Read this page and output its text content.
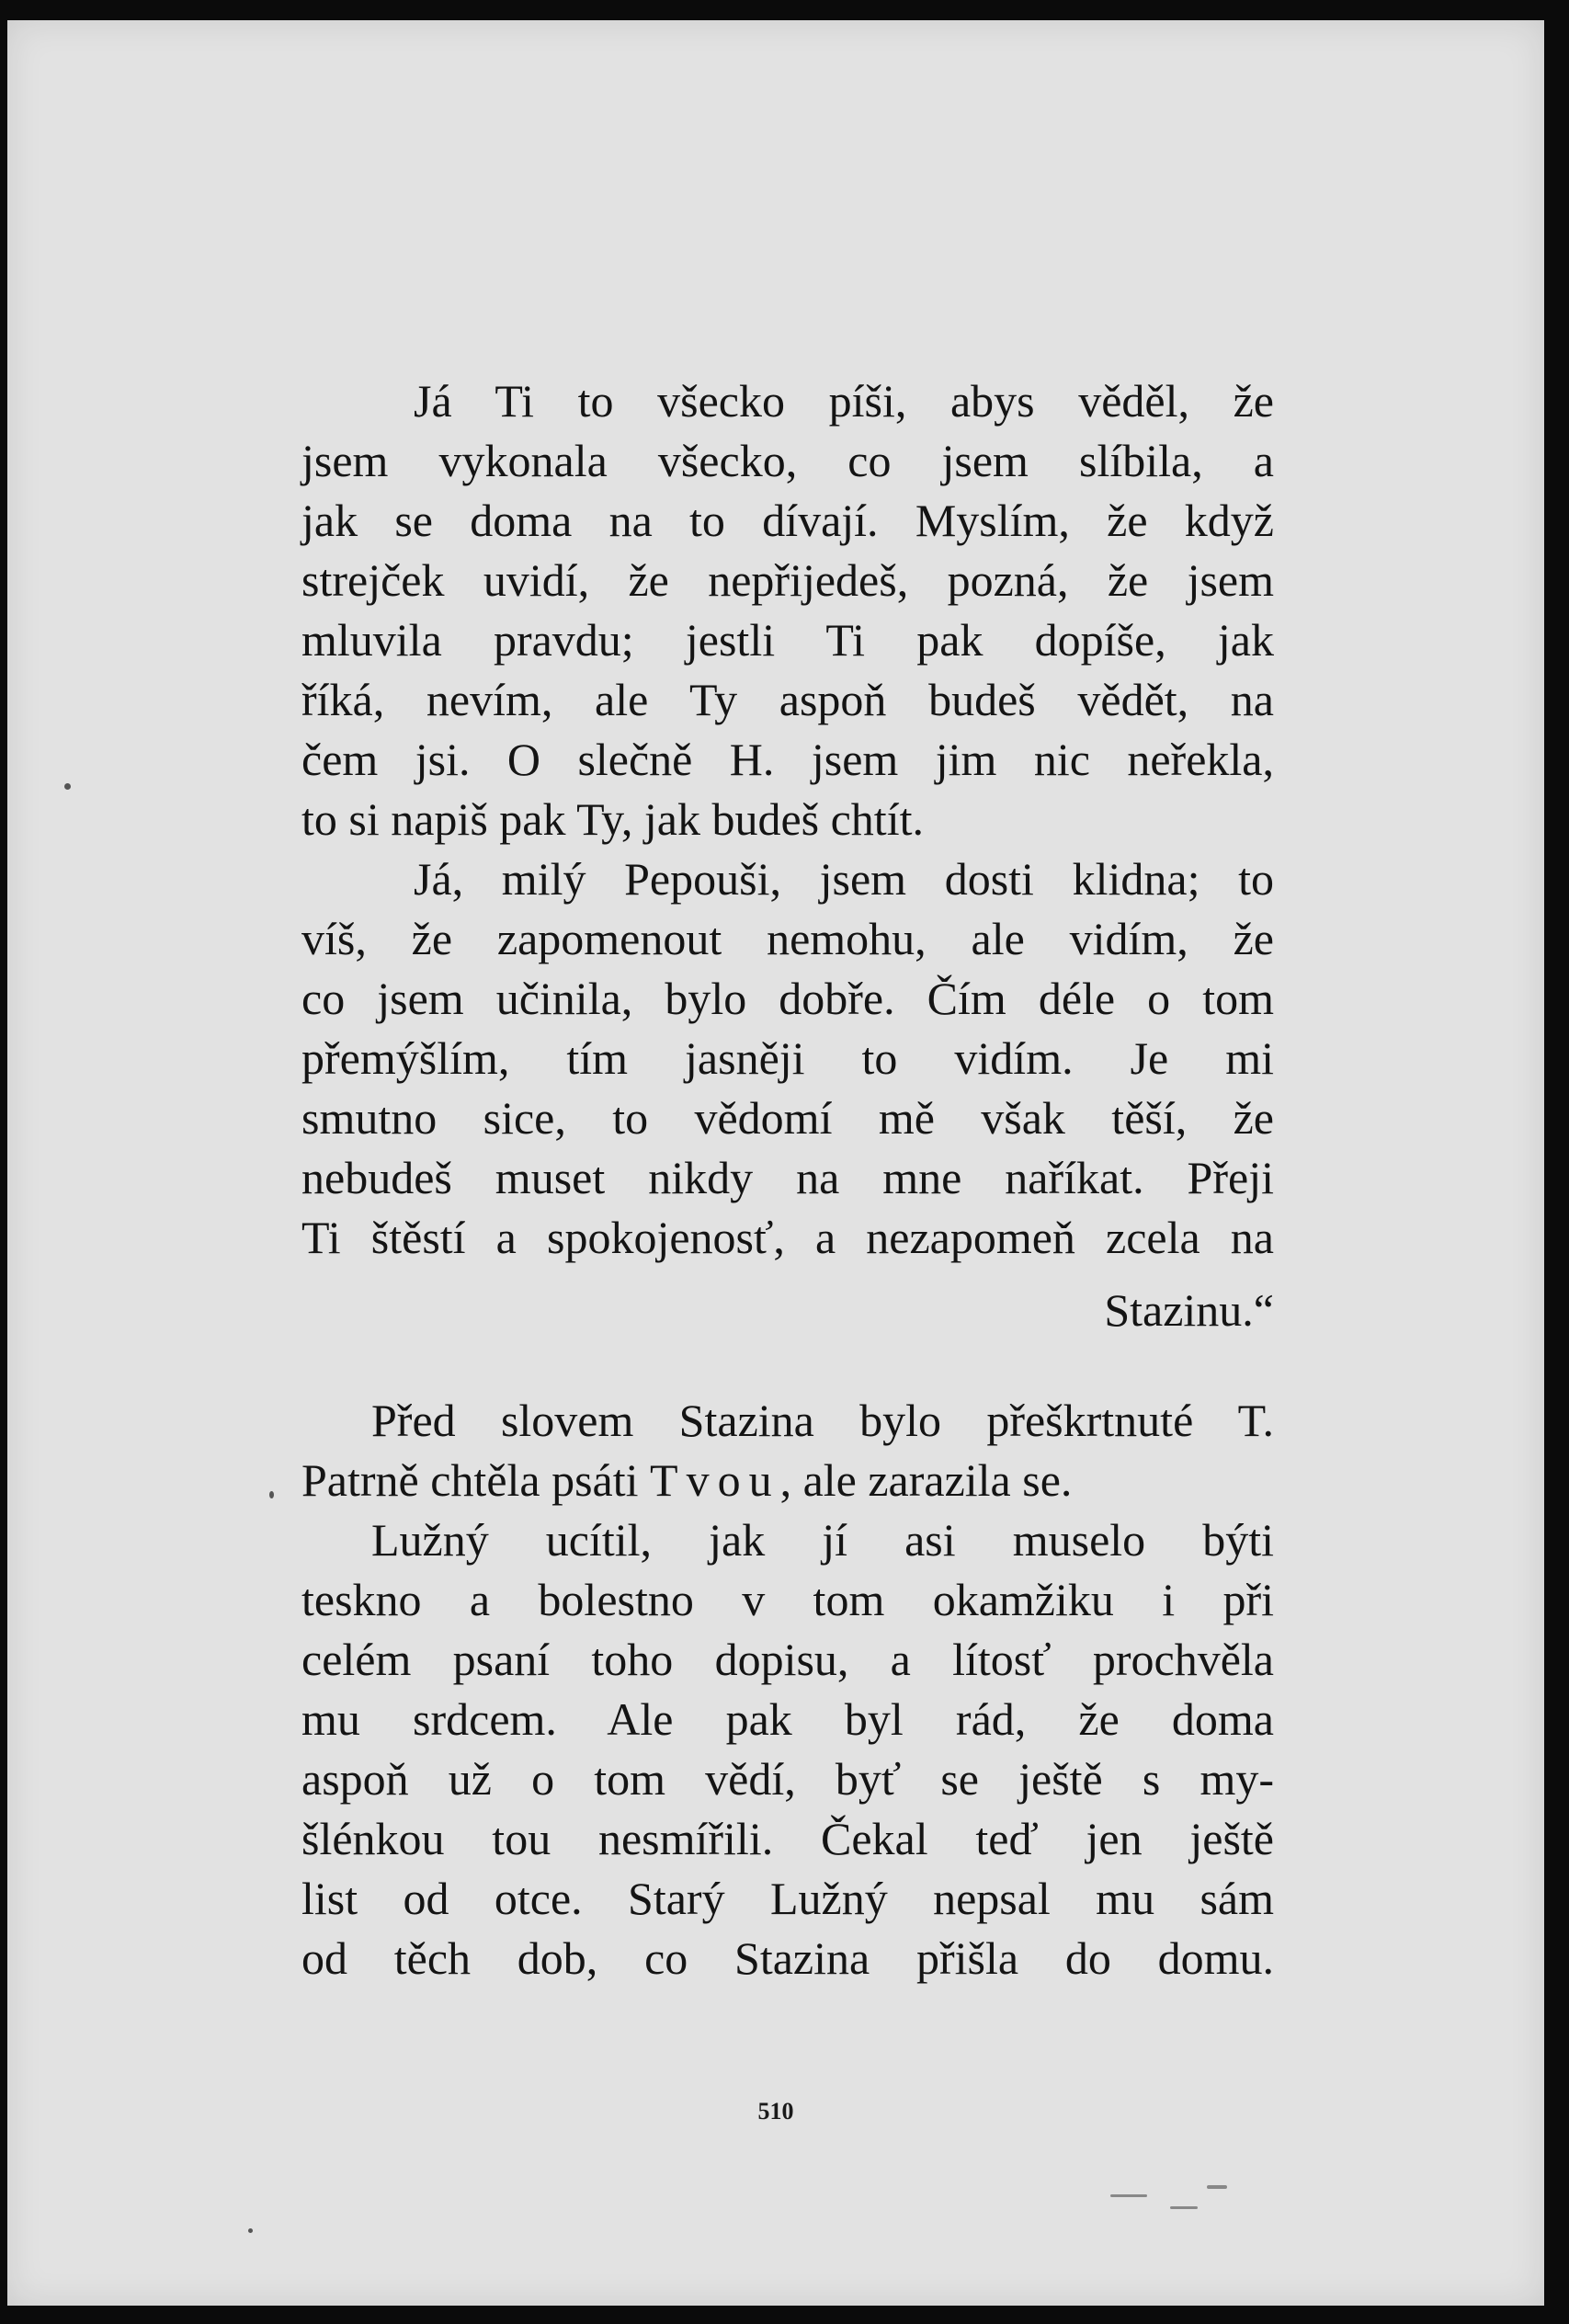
Já Ti to všecko píši, abys věděl, že
jsem vykonala všecko, co jsem slíbila, a
jak se doma na to dívají. Myslím, že když
strejček uvidí, že nepřijedeš, pozná, že jsem
mluvila pravdu; jestli Ti pak dopíše, jak
říká, nevím, ale Ty aspoň budeš vědět, na
čem jsi. O slečně H. jsem jim nic neřekla,
to si napiš pak Ty, jak budeš chtít.
Já, milý Pepouši, jsem dosti klidna; to
víš, že zapomenout nemohu, ale vidím, že
co jsem učinila, bylo dobře. Čím déle o tom
přemýšlím, tím jasněji to vidím. Je mi
smutno sice, to vědomí mě však těší, že
nebudeš muset nikdy na mne naříkat. Přeji
Ti štěstí a spokojenosť, a nezapomeň zcela na
Stazinu.“
Před slovem Stazina bylo přeškrtnuté T.
Patrně chtěla psáti Tvou, ale zarazila se.
Lužný ucítil, jak jí asi muselo býti
teskno a bolestno v tom okamžiku i při
celém psaní toho dopisu, a lítosť prochvěla
mu srdcem. Ale pak byl rád, že doma
aspoň už o tom vědí, byť se ještě s my-
šlénkou tou nesmířili. Čekal teď jen ještě
list od otce. Starý Lužný nepsal mu sám
od těch dob, co Stazina přišla do domu.
510
